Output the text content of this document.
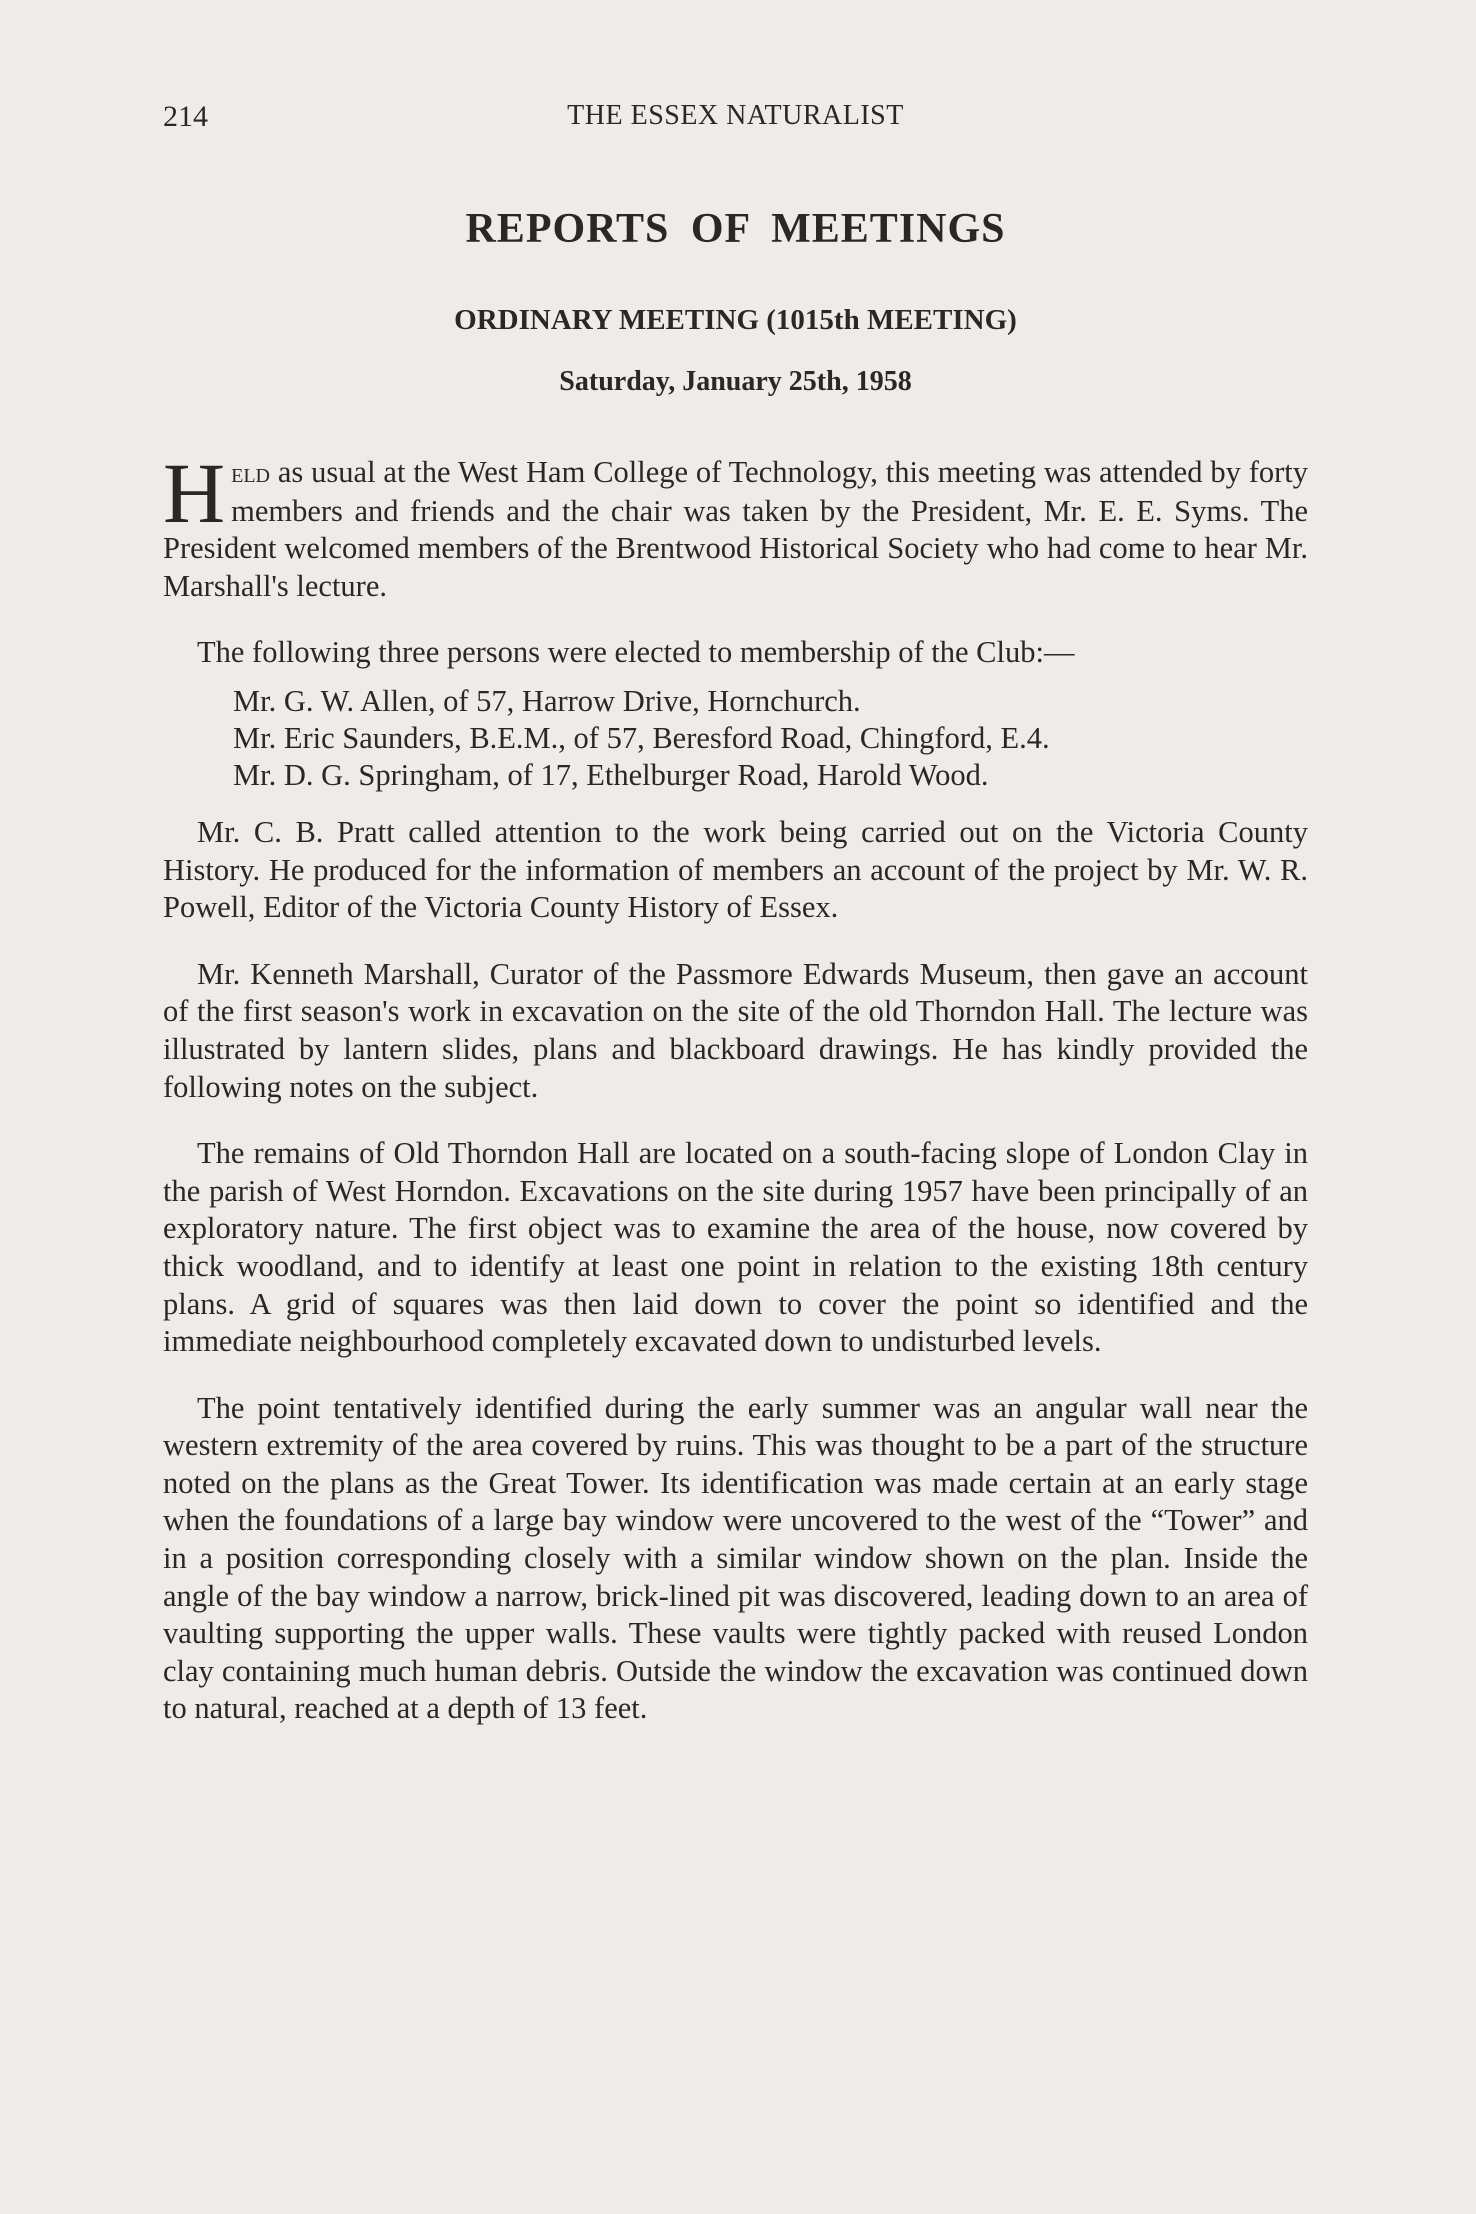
214	THE ESSEX NATURALIST
REPORTS OF MEETINGS
ORDINARY MEETING (1015th MEETING)
Saturday, January 25th, 1958

Held as usual at the West Ham College of Technology, this meeting was attended by forty members and friends and the chair was taken by the President, Mr. E. E. Syms. The President welcomed members of the Brentwood Historical Society who had come to hear Mr. Marshall's lecture.

The following three persons were elected to membership of the Club:—

Mr. G. W. Allen, of 57, Harrow Drive, Hornchurch.
Mr. Eric Saunders, B.E.M., of 57, Beresford Road, Chingford, E.4.
Mr. D. G. Springham, of 17, Ethelburger Road, Harold Wood.

Mr. C. B. Pratt called attention to the work being carried out on the Victoria County History. He produced for the information of members an account of the project by Mr. W. R. Powell, Editor of the Victoria County History of Essex.

Mr. Kenneth Marshall, Curator of the Passmore Edwards Museum, then gave an account of the first season's work in excavation on the site of the old Thorndon Hall. The lecture was illustrated by lantern slides, plans and blackboard drawings. He has kindly provided the following notes on the subject.

The remains of Old Thorndon Hall are located on a south-facing slope of London Clay in the parish of West Horndon. Excavations on the site during 1957 have been principally of an exploratory nature. The first object was to examine the area of the house, now covered by thick woodland, and to identify at least one point in relation to the existing 18th century plans. A grid of squares was then laid down to cover the point so identified and the immediate neighbourhood completely excavated down to undisturbed levels.

The point tentatively identified during the early summer was an angular wall near the western extremity of the area covered by ruins. This was thought to be a part of the structure noted on the plans as the Great Tower. Its identification was made certain at an early stage when the foundations of a large bay window were uncovered to the west of the “Tower” and in a position corresponding closely with a similar window shown on the plan. Inside the angle of the bay window a narrow, brick-lined pit was discovered, leading down to an area of vaulting supporting the upper walls. These vaults were tightly packed with reused London clay containing much human debris. Outside the window the excavation was continued down to natural, reached at a depth of 13 feet.
